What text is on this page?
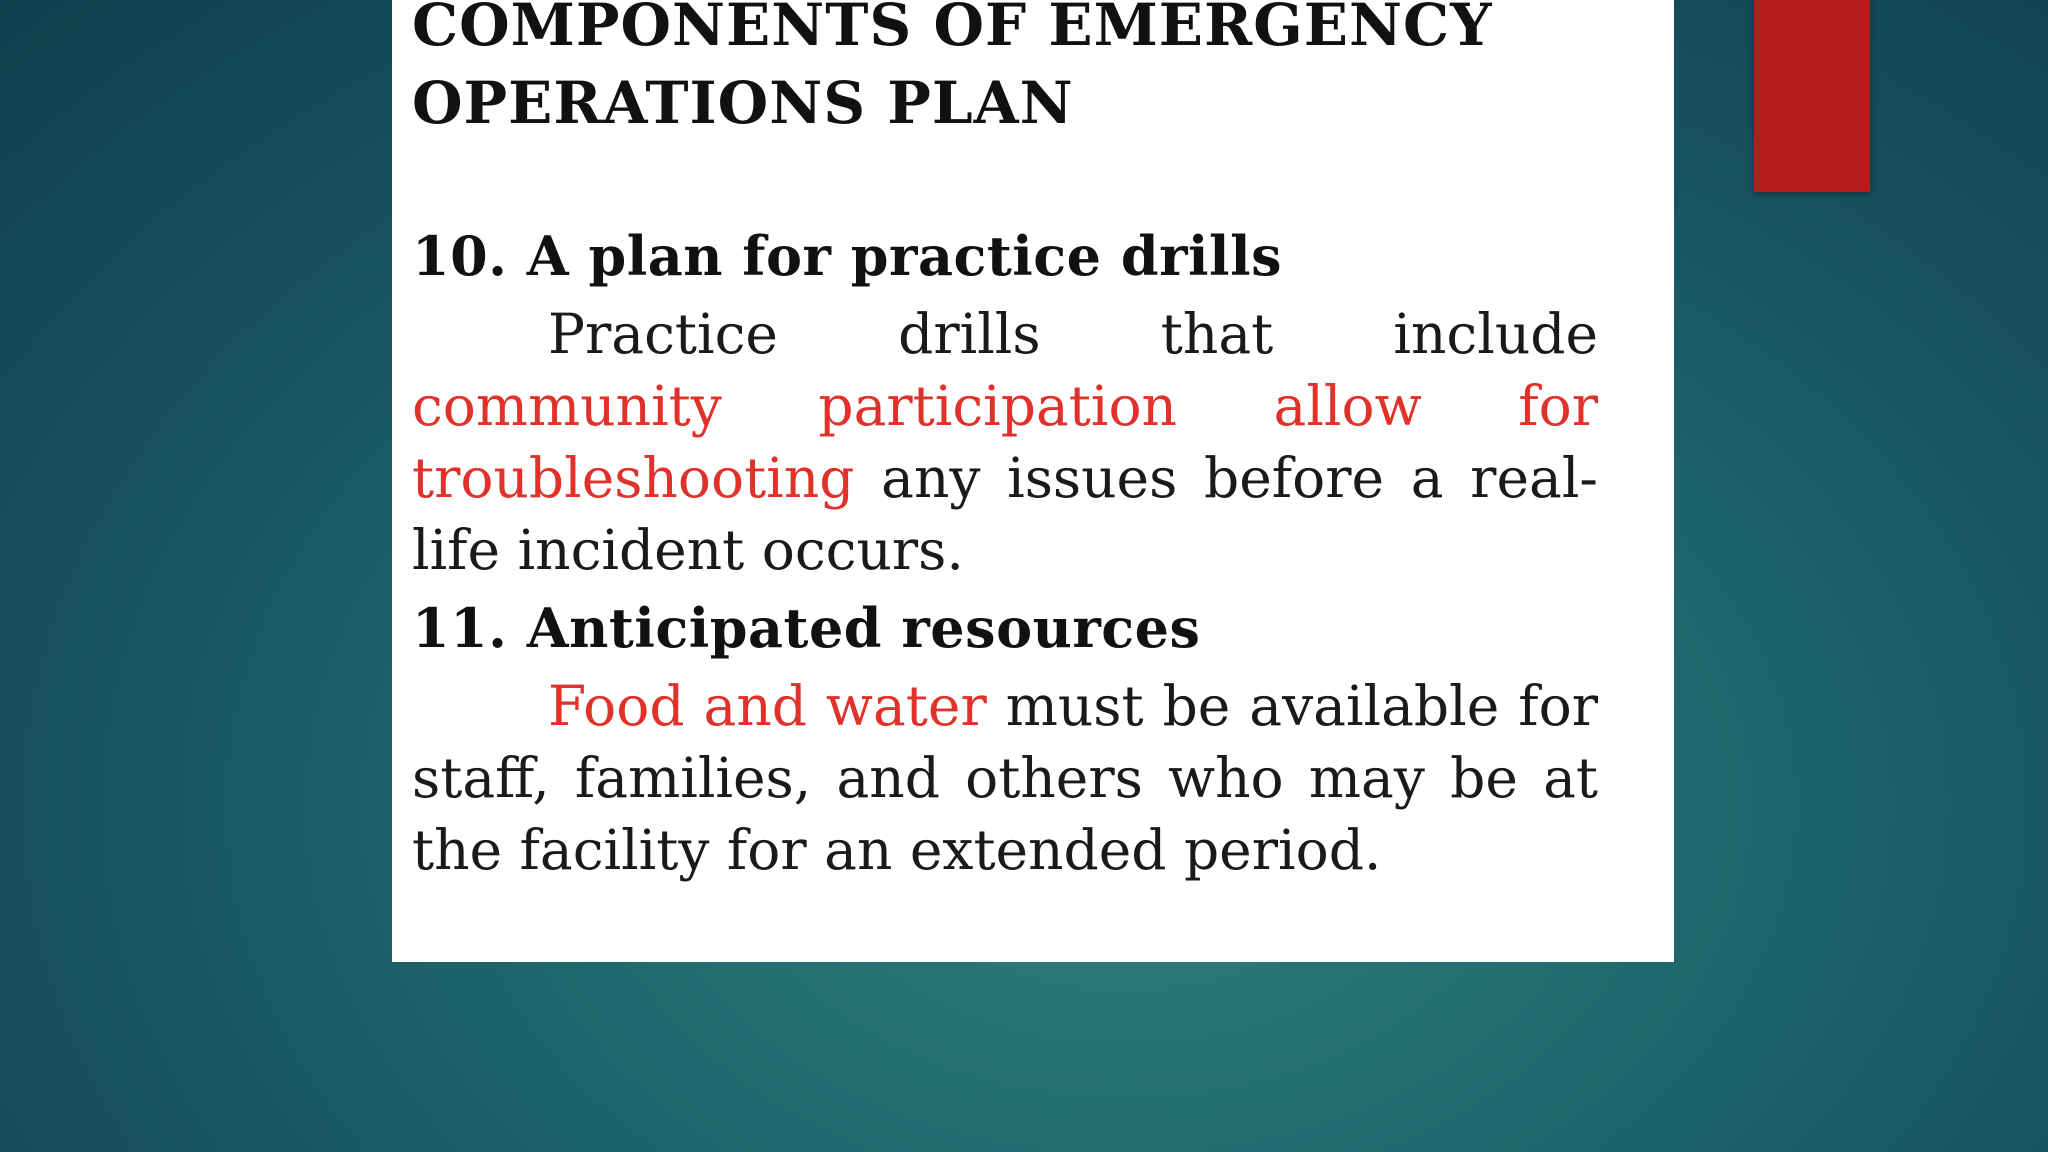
COMPONENTS OF EMERGENCY
OPERATIONS PLAN
10. A plan for practice drills

Practice drills that include community participation allow for troubleshooting any issues before a real-life incident occurs.

11. Anticipated resources

Food and water must be available for staff, families, and others who may be at the facility for an extended period.
